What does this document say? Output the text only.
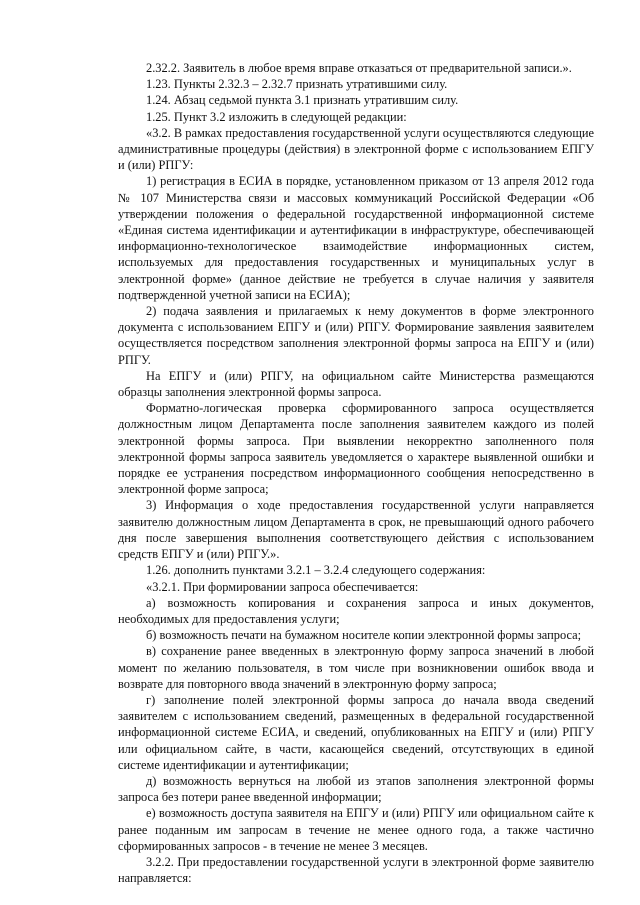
2.32.2. Заявитель в любое время вправе отказаться от предварительной записи.».

1.23. Пункты 2.32.3 – 2.32.7 признать утратившими силу.

1.24. Абзац седьмой пункта 3.1 признать утратившим силу.

1.25. Пункт 3.2 изложить в следующей редакции:

«3.2. В рамках предоставления государственной услуги осуществляются следующие административные процедуры (действия) в электронной форме с использованием ЕПГУ и (или) РПГУ:

1) регистрация в ЕСИА в порядке, установленном приказом от 13 апреля 2012 года № 107 Министерства связи и массовых коммуникаций Российской Федерации «Об утверждении положения о федеральной государственной информационной системе «Единая система идентификации и аутентификации в инфраструктуре, обеспечивающей информационно-технологическое взаимодействие информационных систем, используемых для предоставления государственных и муниципальных услуг в электронной форме» (данное действие не требуется в случае наличия у заявителя подтвержденной учетной записи на ЕСИА);

2) подача заявления и прилагаемых к нему документов в форме электронного документа с использованием ЕПГУ и (или) РПГУ. Формирование заявления заявителем осуществляется посредством заполнения электронной формы запроса на ЕПГУ и (или) РПГУ.

На ЕПГУ и (или) РПГУ, на официальном сайте Министерства размещаются образцы заполнения электронной формы запроса.

Форматно-логическая проверка сформированного запроса осуществляется должностным лицом Департамента после заполнения заявителем каждого из полей электронной формы запроса. При выявлении некорректно заполненного поля электронной формы запроса заявитель уведомляется о характере выявленной ошибки и порядке ее устранения посредством информационного сообщения непосредственно в электронной форме запроса;

3) Информация о ходе предоставления государственной услуги направляется заявителю должностным лицом Департамента в срок, не превышающий одного рабочего дня после завершения выполнения соответствующего действия с использованием средств ЕПГУ и (или) РПГУ.».

1.26. дополнить пунктами 3.2.1 – 3.2.4 следующего содержания:

«3.2.1. При формировании запроса обеспечивается:

а) возможность копирования и сохранения запроса и иных документов, необходимых для предоставления услуги;

б) возможность печати на бумажном носителе копии электронной формы запроса;

в) сохранение ранее введенных в электронную форму запроса значений в любой момент по желанию пользователя, в том числе при возникновении ошибок ввода и возврате для повторного ввода значений в электронную форму запроса;

г) заполнение полей электронной формы запроса до начала ввода сведений заявителем с использованием сведений, размещенных в федеральной государственной информационной системе ЕСИА, и сведений, опубликованных на ЕПГУ и (или) РПГУ или официальном сайте, в части, касающейся сведений, отсутствующих в единой системе идентификации и аутентификации;

д) возможность вернуться на любой из этапов заполнения электронной формы запроса без потери ранее введенной информации;

е) возможность доступа заявителя на ЕПГУ и (или) РПГУ или официальном сайте к ранее поданным им запросам в течение не менее одного года, а также частично сформированных запросов - в течение не менее 3 месяцев.

3.2.2. При предоставлении государственной услуги в электронной форме заявителю направляется:
